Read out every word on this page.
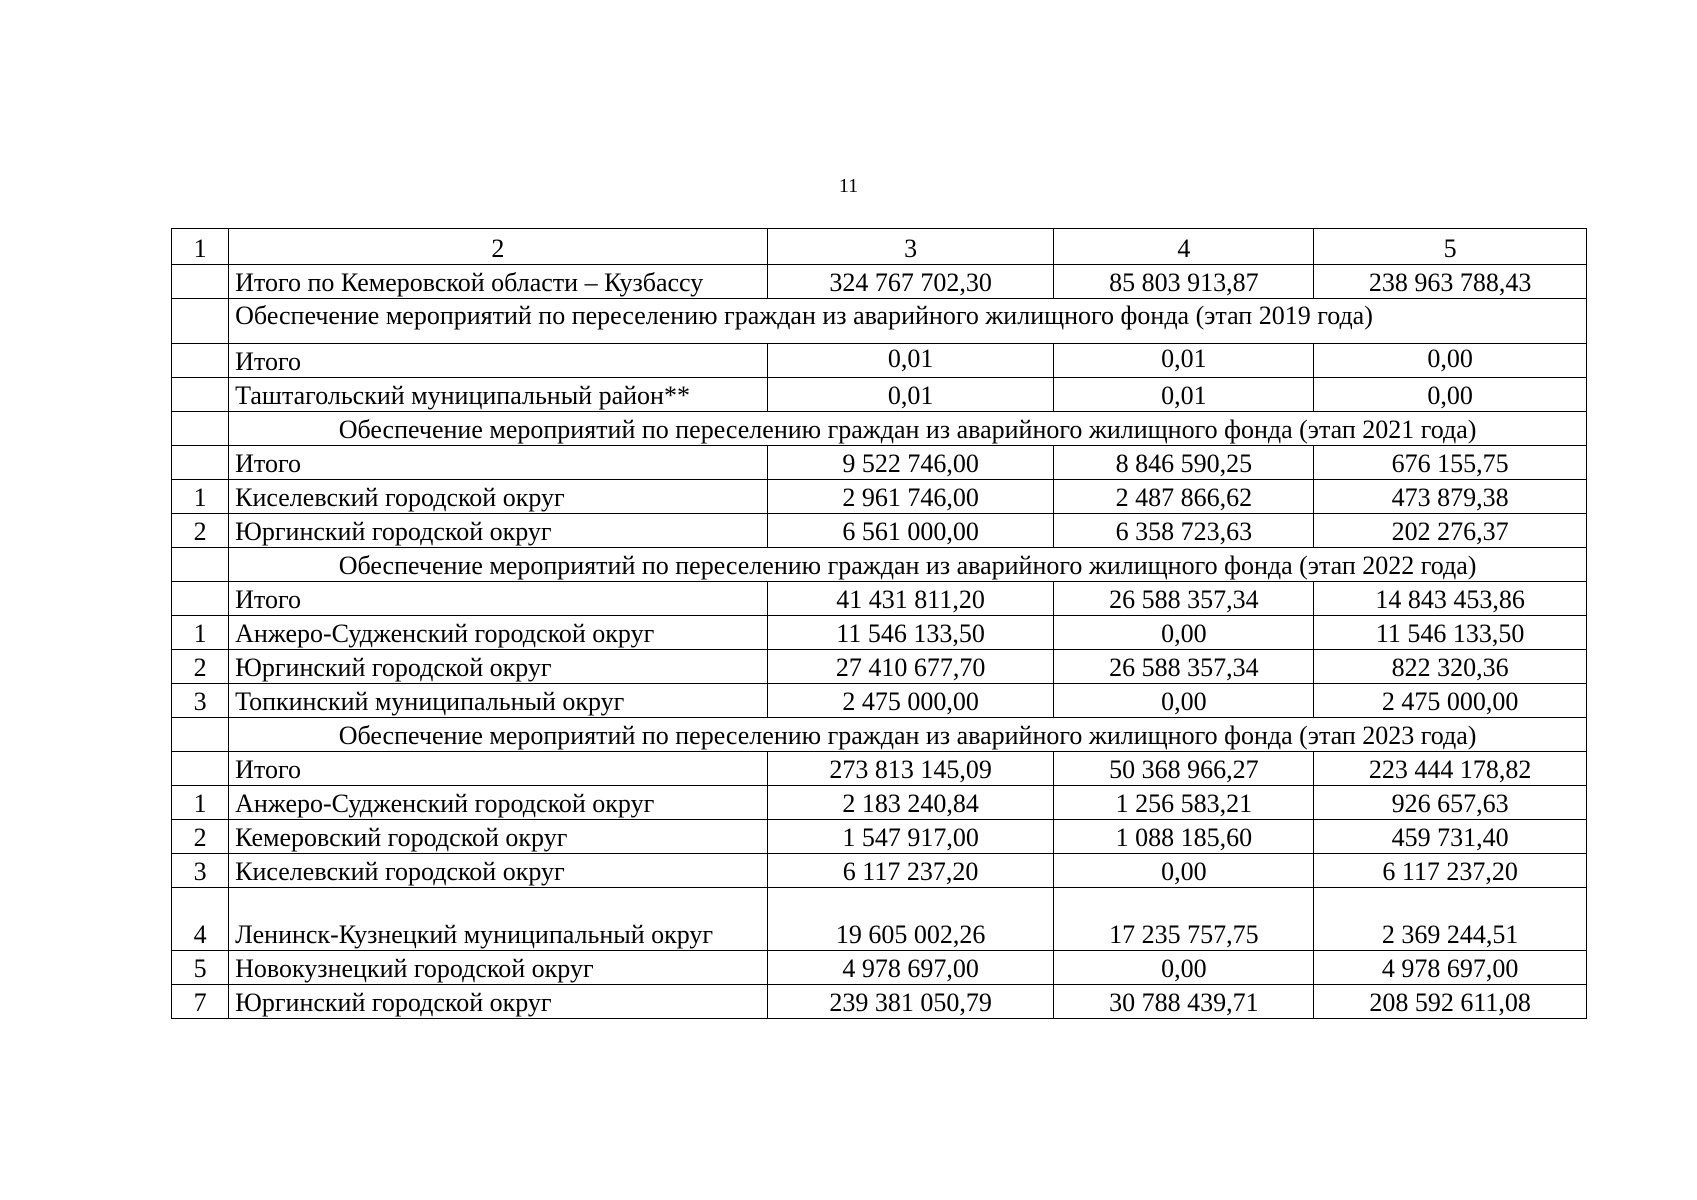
11
1	2	3	4	5
	Итого по Кемеровской области – Кузбассу	324 767 702,30	85 803 913,87	238 963 788,43
	Обеспечение мероприятий по переселению граждан из аварийного жилищного фонда (этап 2019 года)			
	Итого	0,01	0,01	0,00
	Таштагольский муниципальный район**	0,01	0,01	0,00
	Обеспечение мероприятий по переселению граждан из аварийного жилищного фонда (этап 2021 года)			
	Итого	9 522 746,00	8 846 590,25	676 155,75
1	Киселевский городской округ	2 961 746,00	2 487 866,62	473 879,38
2	Юргинский городской округ	6 561 000,00	6 358 723,63	202 276,37
	Обеспечение мероприятий по переселению граждан из аварийного жилищного фонда (этап 2022 года)			
	Итого	41 431 811,20	26 588 357,34	14 843 453,86
1	Анжеро-Судженский городской округ	11 546 133,50	0,00	11 546 133,50
2	Юргинский городской округ	27 410 677,70	26 588 357,34	822 320,36
3	Топкинский муниципальный округ	2 475 000,00	0,00	2 475 000,00
	Обеспечение мероприятий по переселению граждан из аварийного жилищного фонда (этап 2023 года)			
	Итого	273 813 145,09	50 368 966,27	223 444 178,82
1	Анжеро-Судженский городской округ	2 183 240,84	1 256 583,21	926 657,63
2	Кемеровский городской округ	1 547 917,00	1 088 185,60	459 731,40
3	Киселевский городской округ	6 117 237,20	0,00	6 117 237,20
4	Ленинск-Кузнецкий муниципальный округ	19 605 002,26	17 235 757,75	2 369 244,51
5	Новокузнецкий городской округ	4 978 697,00	0,00	4 978 697,00
7	Юргинский городской округ	239 381 050,79	30 788 439,71	208 592 611,08
